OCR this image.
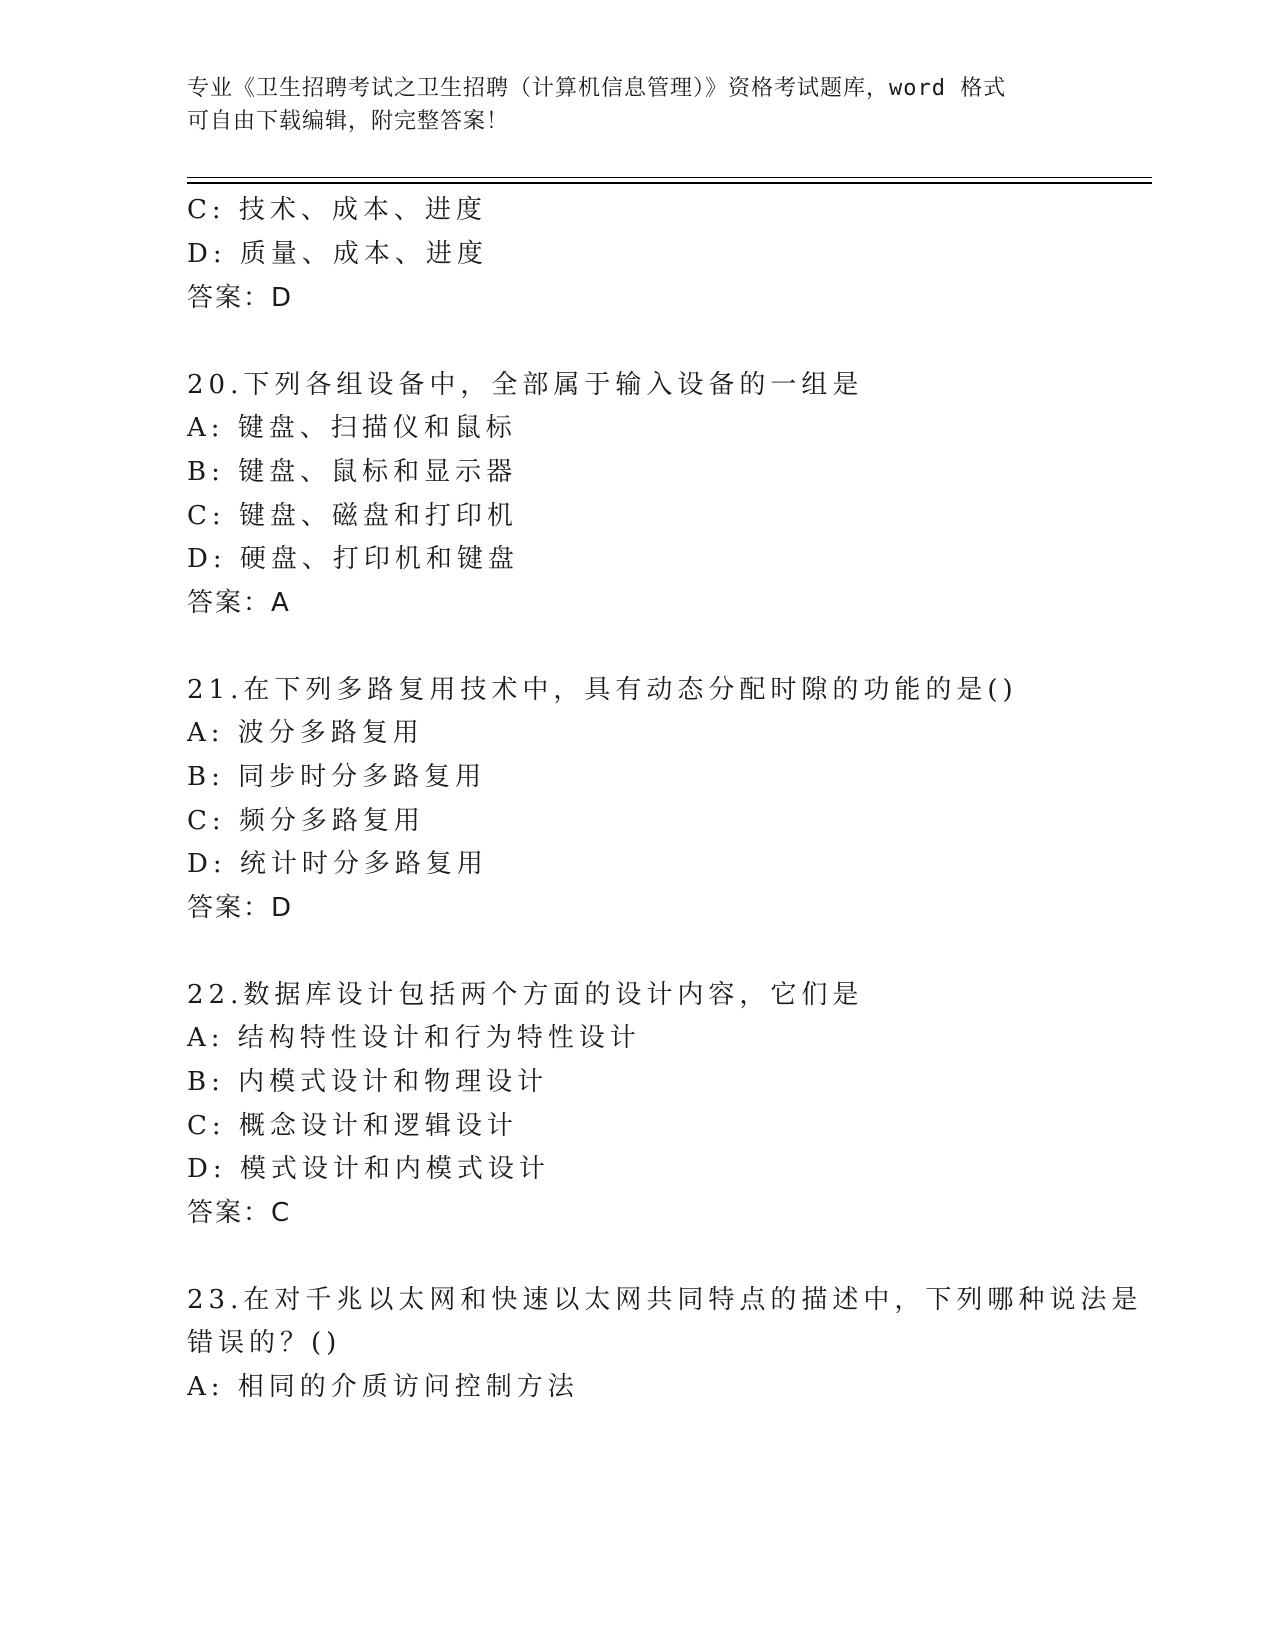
专业《卫生招聘考试之卫生招聘（计算机信息管理）》资格考试题库，word 格式
可自由下载编辑，附完整答案！
C: 技术、成本、进度
D: 质量、成本、进度
答案：D
20.下列各组设备中，全部属于输入设备的一组是
A: 键盘、扫描仪和鼠标
B: 键盘、鼠标和显示器
C: 键盘、磁盘和打印机
D: 硬盘、打印机和键盘
答案：A
21.在下列多路复用技术中，具有动态分配时隙的功能的是()
A: 波分多路复用
B: 同步时分多路复用
C: 频分多路复用
D: 统计时分多路复用
答案：D
22.数据库设计包括两个方面的设计内容，它们是
A: 结构特性设计和行为特性设计
B: 内模式设计和物理设计
C: 概念设计和逻辑设计
D: 模式设计和内模式设计
答案：C
23.在对千兆以太网和快速以太网共同特点的描述中，下列哪种说法是
错误的？()
A: 相同的介质访问控制方法
